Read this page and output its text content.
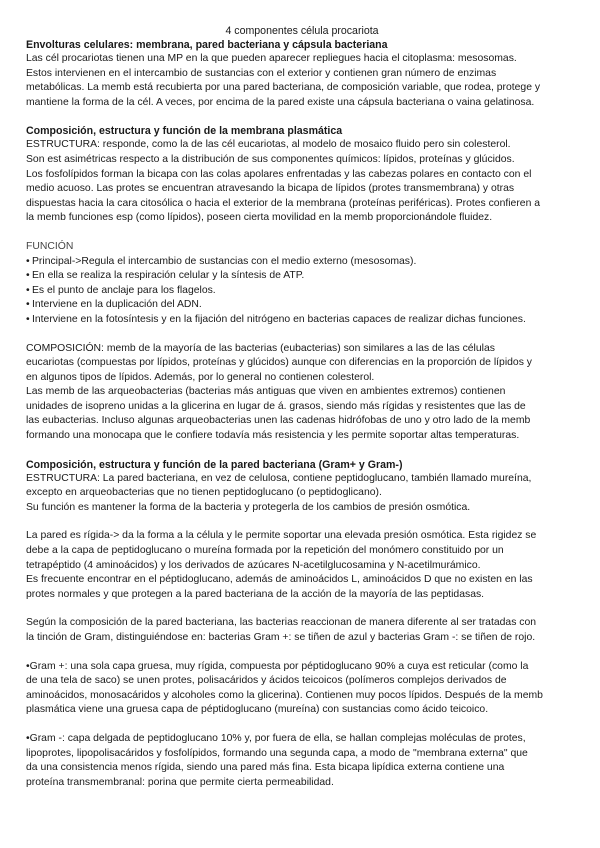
4 componentes célula procariota

Envolturas celulares: membrana, pared bacteriana y cápsula bacteriana

Las cél procariotas tienen una MP en la que pueden aparecer repliegues hacia el citoplasma: mesosomas.

Estos intervienen en el intercambio de sustancias con el exterior y contienen gran número de enzimas

metabólicas. La memb está recubierta por una pared bacteriana, de composición variable, que rodea, protege y

mantiene la forma de la cél. A veces, por encima de la pared existe una cápsula bacteriana o vaina gelatinosa.

Composición, estructura y función de la membrana plasmática

ESTRUCTURA: responde, como la de las cél eucariotas, al modelo de mosaico fluido pero sin colesterol.

Son est asimétricas respecto a la distribución de sus componentes químicos: lípidos, proteínas y glúcidos.

Los fosfolípidos forman la bicapa con las colas apolares enfrentadas y las cabezas polares en contacto con el

medio acuoso. Las protes se encuentran atravesando la bicapa de lípidos (protes transmembrana) y otras

dispuestas hacia la cara citosólica o hacia el exterior de la membrana (proteínas periféricas). Protes confieren a

la memb funciones esp (como lípidos), poseen cierta movilidad en la memb proporcionándole fluidez.

FUNCIÓN

• Principal->Regula el intercambio de sustancias con el medio externo (mesosomas).
• En ella se realiza la respiración celular y la síntesis de ATP.
• Es el punto de anclaje para los flagelos.
• Interviene en la duplicación del ADN.
• Interviene en la fotosíntesis y en la fijación del nitrógeno en bacterias capaces de realizar dichas funciones.

COMPOSICIÓN: memb de la mayoría de las bacterias (eubacterias) son similares a las de las células

eucariotas (compuestas por lípidos, proteínas y glúcidos) aunque con diferencias en la proporción de lípidos y

en algunos tipos de lípidos. Además, por lo general no contienen colesterol.

Las memb de las arqueobacterias (bacterias más antiguas que viven en ambientes extremos) contienen

unidades de isopreno unidas a la glicerina en lugar de á. grasos, siendo más rígidas y resistentes que las de

las eubacterias. Incluso algunas arqueobacterias unen las cadenas hidrófobas de uno y otro lado de la memb

formando una monocapa que le confiere todavía más resistencia y les permite soportar altas temperaturas.

Composición, estructura y función de la pared bacteriana (Gram+ y Gram-)

ESTRUCTURA: La pared bacteriana, en vez de celulosa, contiene peptidoglucano, también llamado mureína,

excepto en arqueobacterias que no tienen peptidoglucano (o peptidoglicano).

Su función es mantener la forma de la bacteria y protegerla de los cambios de presión osmótica.

La pared es rígida-> da la forma a la célula y le permite soportar una elevada presión osmótica. Esta rigidez se

debe a la capa de peptidoglucano o mureína formada por la repetición del monómero constituido por un

tetrapéptido (4 aminoácidos) y los derivados de azúcares N-acetilglucosamina y N-acetilmurámico.

Es frecuente encontrar en el péptidoglucano, además de aminoácidos L, aminoácidos D que no existen en las

protes normales y que protegen a la pared bacteriana de la acción de la mayoría de las peptidasas.

Según la composición de la pared bacteriana, las bacterias reaccionan de manera diferente al ser tratadas con

la tinción de Gram, distinguiéndose en: bacterias Gram +: se tiñen de azul y bacterias Gram -: se tiñen de rojo.

•Gram +: una sola capa gruesa, muy rígida, compuesta por péptidoglucano 90% a cuya est reticular (como la

de una tela de saco) se unen protes, polisacáridos y ácidos teicoicos (polímeros complejos derivados de

aminoácidos, monosacáridos y alcoholes como la glicerina). Contienen muy pocos lípidos. Después de la memb

plasmática viene una gruesa capa de péptidoglucano (mureína) con sustancias como ácido teicoico.

•Gram -: capa delgada de peptidoglucano 10% y, por fuera de ella, se hallan complejas moléculas de protes,

lipoprotes, lipopolisacáridos y fosfolípidos, formando una segunda capa, a modo de "membrana externa" que

da una consistencia menos rígida, siendo una pared más fina. Esta bicapa lipídica externa contiene una

proteína transmembranal: porina que permite cierta permeabilidad.
